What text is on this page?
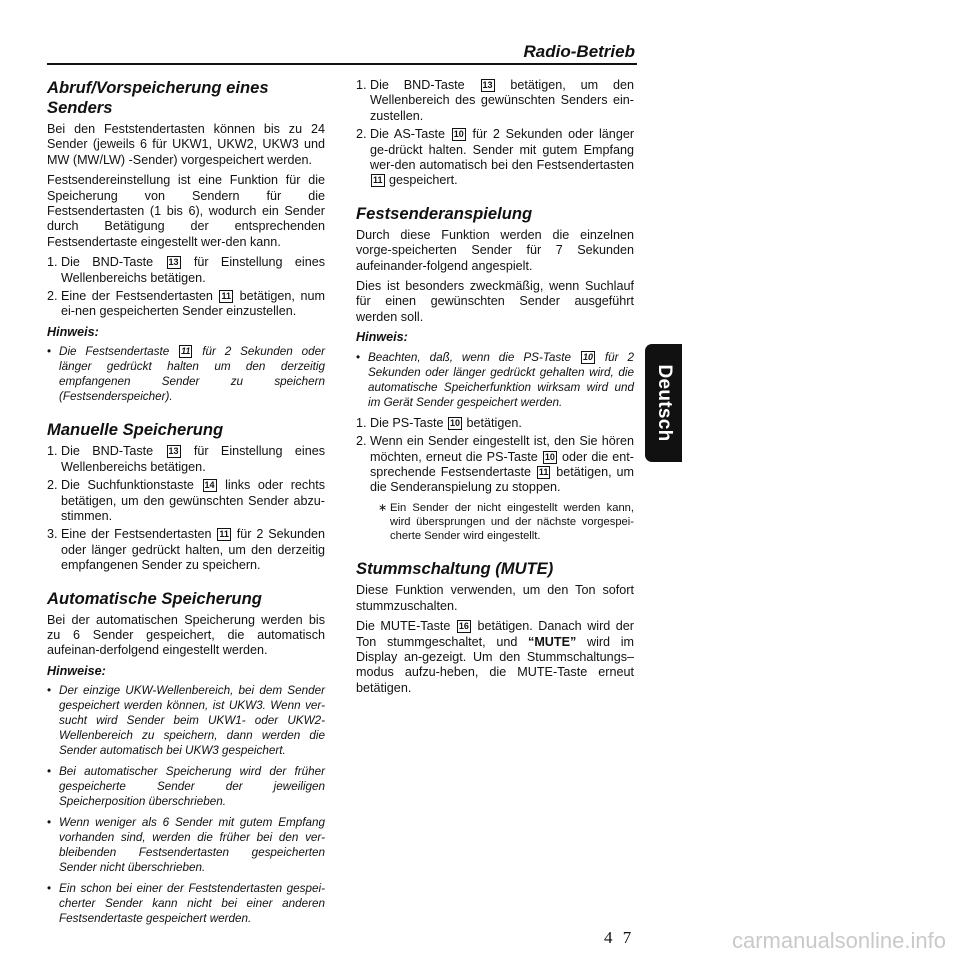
Radio-Betrieb
Deutsch
Abruf/Vorspeicherung eines Senders

Bei den Feststendertasten können bis zu 24 Sender (jeweils 6 für UKW1, UKW2, UKW3 und MW (MW/LW) -Sender) vorgespeichert werden.

Festsendereinstellung ist eine Funktion für die Speicherung von Sendern für die Festsendertasten (1 bis 6), wodurch ein Sender durch Betätigung der entsprechenden Festsendertaste eingestellt wer-den kann.

1. Die BND-Taste 13 für Einstellung eines Wellenbereichs betätigen.
2. Eine der Festsendertasten 11 betätigen, num ei-nen gespeicherten Sender einzustellen.
Hinweis:
• Die Festsendertaste 11 für 2 Sekunden oder länger gedrückt halten um den derzeitig empfangenen Sender zu speichern (Festsenderspeicher).
Manuelle Speicherung
1. Die BND-Taste 13 für Einstellung eines Wellenbereichs betätigen.
2. Die Suchfunktionstaste 14 links oder rechts betätigen, um den gewünschten Sender abzu-stimmen.
3. Eine der Festsendertasten 11 für 2 Sekunden oder länger gedrückt halten, um den derzeitig empfangenen Sender zu speichern.
Automatische Speicherung

Bei der automatischen Speicherung werden bis zu 6 Sender gespeichert, die automatisch aufeinan-derfolgend eingestellt werden.

Hinweise:
• Der einzige UKW-Wellenbereich, bei dem Sender gespeichert werden können, ist UKW3. Wenn ver-sucht wird Sender beim UKW1- oder UKW2-Wellenbereich zu speichern, dann werden die Sender automatisch bei UKW3 gespeichert.
• Bei automatischer Speicherung wird der früher gespeicherte Sender der jeweiligen Speicherposition überschrieben.
• Wenn weniger als 6 Sender mit gutem Empfang vorhanden sind, werden die früher bei den ver-bleibenden Festsendertasten gespeicherten Sender nicht überschrieben.
• Ein schon bei einer der Feststendertasten gespei-cherter Sender kann nicht bei einer anderen Festsendertaste gespeichert werden.
1. Die BND-Taste 13 betätigen, um den Wellenbereich des gewünschten Senders ein-zustellen.
2. Die AS-Taste 10 für 2 Sekunden oder länger ge-drückt halten. Sender mit gutem Empfang wer-den automatisch bei den Festsendertasten 11 gespeichert.
Festsenderanspielung

Durch diese Funktion werden die einzelnen vorge-speicherten Sender für 7 Sekunden aufeinander-folgend angespielt.

Dies ist besonders zweckmäßig, wenn Suchlauf für einen gewünschten Sender ausgeführt werden soll.

Hinweis:
• Beachten, daß, wenn die PS-Taste 10 für 2 Sekunden oder länger gedrückt gehalten wird, die automatische Speicherfunktion wirksam wird und im Gerät Sender gespeichert werden.
1. Die PS-Taste 10 betätigen.
2. Wenn ein Sender eingestellt ist, den Sie hören möchten, erneut die PS-Taste 10 oder die ent-sprechende Festsendertaste 11 betätigen, um die Senderanspielung zu stoppen.
∗ Ein Sender der nicht eingestellt werden kann, wird übersprungen und der nächste vorgespei-cherte Sender wird eingestellt.
Stummschaltung (MUTE)

Diese Funktion verwenden, um den Ton sofort stummzuschalten.

Die MUTE-Taste 16 betätigen. Danach wird der Ton stummgeschaltet, und “MUTE” wird im Display an-gezeigt. Um den Stummschaltungs–modus aufzu-heben, die MUTE-Taste erneut betätigen.

4 7	carmanualsonline.info
